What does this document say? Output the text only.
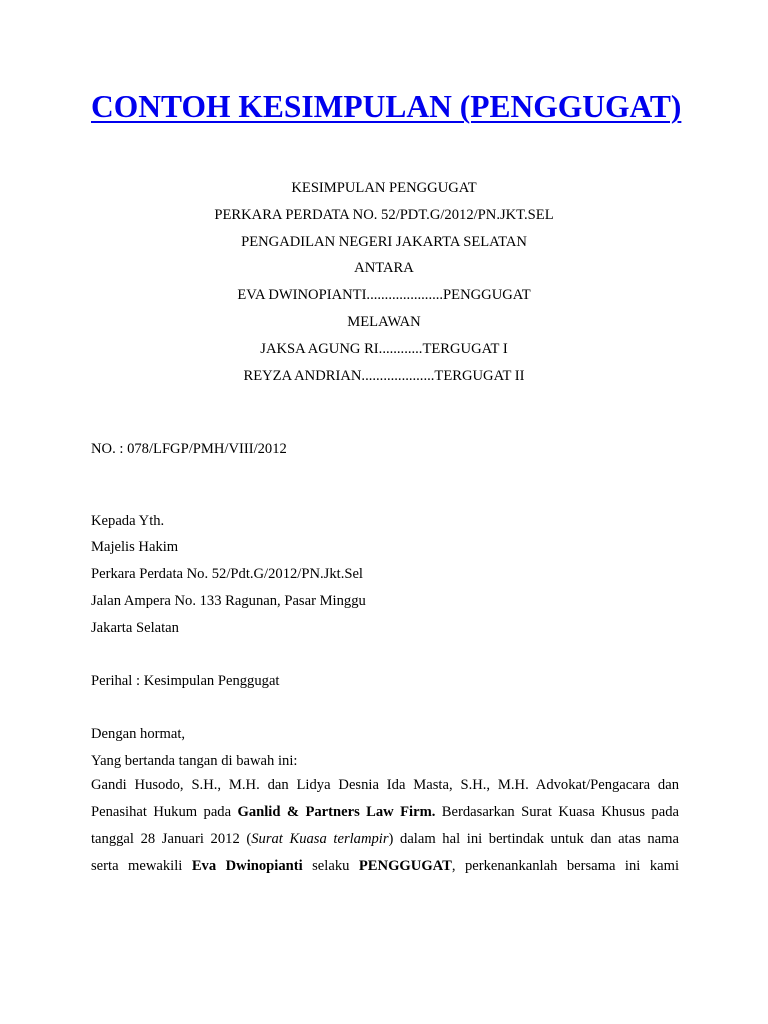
CONTOH KESIMPULAN (PENGGUGAT)
KESIMPULAN PENGGUGAT
PERKARA PERDATA NO. 52/PDT.G/2012/PN.JKT.SEL
PENGADILAN NEGERI JAKARTA SELATAN
ANTARA
EVA DWINOPIANTI.....................PENGGUGAT
MELAWAN
JAKSA AGUNG RI............TERGUGAT I
REYZA ANDRIAN....................TERGUGAT II
NO. : 078/LFGP/PMH/VIII/2012
Kepada Yth.
Majelis Hakim
Perkara Perdata No. 52/Pdt.G/2012/PN.Jkt.Sel
Jalan Ampera No. 133 Ragunan, Pasar Minggu
Jakarta Selatan
Perihal : Kesimpulan Penggugat
Dengan hormat,
Yang bertanda tangan di bawah ini:
Gandi Husodo, S.H., M.H. dan Lidya Desnia Ida Masta, S.H., M.H. Advokat/Pengacara dan
Penasihat Hukum pada Ganlid & Partners Law Firm. Berdasarkan Surat Kuasa Khusus pada
tanggal 28 Januari 2012 (Surat Kuasa terlampir) dalam hal ini bertindak untuk dan atas nama
serta mewakili Eva Dwinopianti selaku PENGGUGAT, perkenankanlah bersama ini kami
